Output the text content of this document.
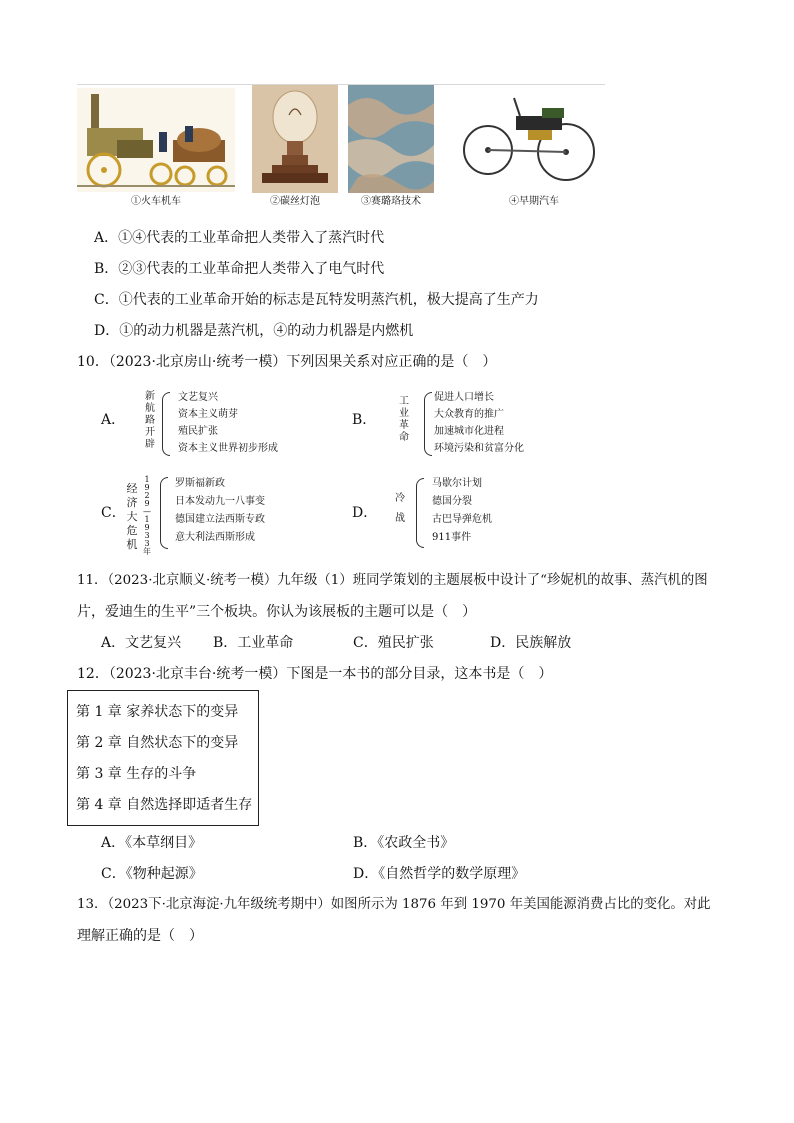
①火车机车	②碳丝灯泡	③赛璐珞技术	④早期汽车
A．①④代表的工业革命把人类带入了蒸汽时代
B．②③代表的工业革命把人类带入了电气时代
C．①代表的工业革命开始的标志是瓦特发明蒸汽机，极大提高了生产力
D．①的动力机器是蒸汽机，④的动力机器是内燃机
10．（2023·北京房山·统考一模）下列因果关系对应正确的是（　）
A．
新航路开辟
文艺复兴
资本主义萌芽
殖民扩张
资本主义世界初步形成
B．
工业革命
促进人口增长
大众教育的推广
加速城市化进程
环境污染和贫富分化
C．
经济大危机
1929—1933年
罗斯福新政
日本发动九一八事变
德国建立法西斯专政
意大利法西斯形成
D．
冷战
马歇尔计划
德国分裂
古巴导弹危机
911事件
11．（2023·北京顺义·统考一模）九年级（1）班同学策划的主题展板中设计了“珍妮机的故事、蒸汽机的图
片，爱迪生的生平”三个板块。你认为该展板的主题可以是（　）
A．文艺复兴 B．工业革命	C．殖民扩张	D．民族解放
12．（2023·北京丰台·统考一模）下图是一本书的部分目录，这本书是（　）
第 1 章 家养状态下的变异
第 2 章 自然状态下的变异
第 3 章 生存的斗争
第 4 章 自然选择即适者生存
A．《本草纲目》	B．《农政全书》
C．《物种起源》	D．《自然哲学的数学原理》
13．（2023下·北京海淀·九年级统考期中）如图所示为 1876 年到 1970 年美国能源消费占比的变化。对此
理解正确的是（　）
